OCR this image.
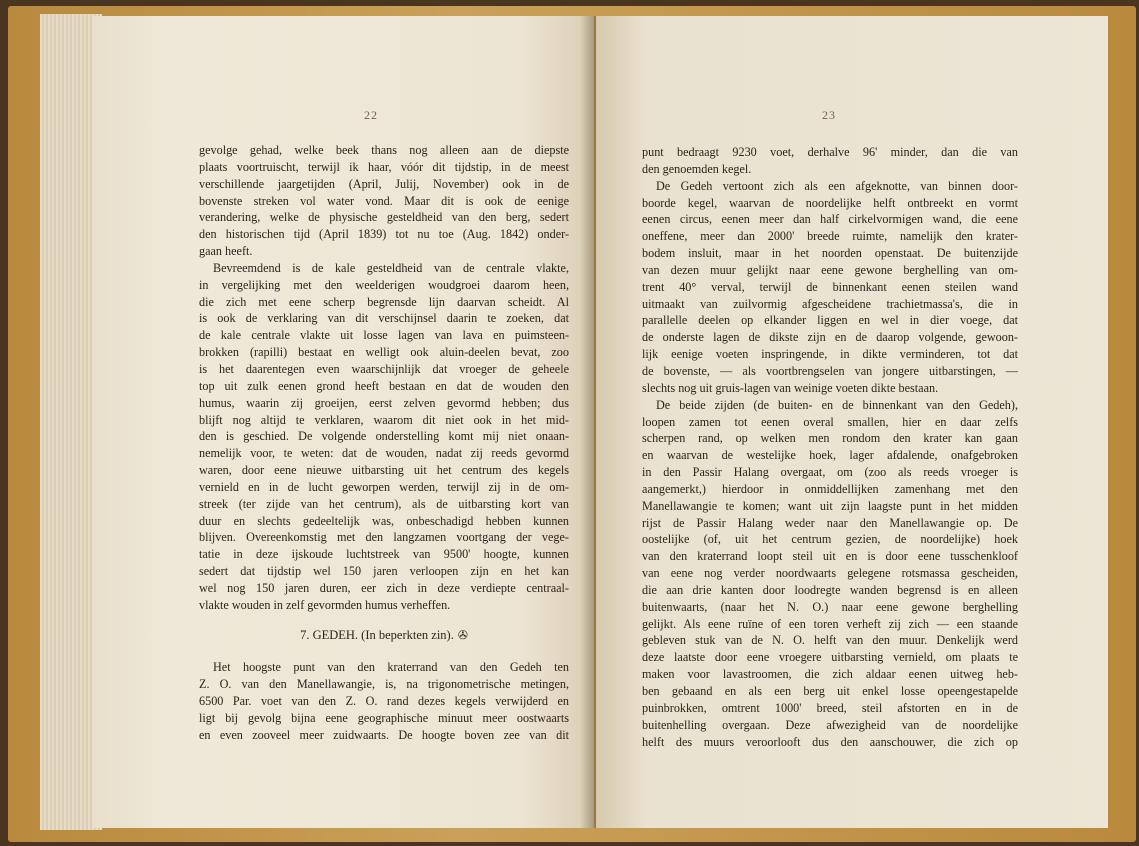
22
gevolge gehad, welke beek thans nog alleen aan de diepste
plaats voortruischt, terwijl ik haar, vóór dit tijdstip, in de meest
verschillende jaargetijden (April, Julij, November) ook in de
bovenste streken vol water vond. Maar dit is ook de eenige
verandering, welke de physische gesteldheid van den berg, sedert
den historischen tijd (April 1839) tot nu toe (Aug. 1842) onder-
gaan heeft.
Bevreemdend is de kale gesteldheid van de centrale vlakte,
in vergelijking met den weelderigen woudgroei daarom heen,
die zich met eene scherp begrensde lijn daarvan scheidt. Al
is ook de verklaring van dit verschijnsel daarin te zoeken, dat
de kale centrale vlakte uit losse lagen van lava en puimsteen-
brokken (rapilli) bestaat en welligt ook aluin-deelen bevat, zoo
is het daarentegen even waarschijnlijk dat vroeger de geheele
top uit zulk eenen grond heeft bestaan en dat de wouden den
humus, waarin zij groeijen, eerst zelven gevormd hebben; dus
blijft nog altijd te verklaren, waarom dit niet ook in het mid-
den is geschied. De volgende onderstelling komt mij niet onaan-
nemelijk voor, te weten: dat de wouden, nadat zij reeds gevormd
waren, door eene nieuwe uitbarsting uit het centrum des kegels
vernield en in de lucht geworpen werden, terwijl zij in de om-
streek (ter zijde van het centrum), als de uitbarsting kort van
duur en slechts gedeeltelijk was, onbeschadigd hebben kunnen
blijven. Overeenkomstig met den langzamen voortgang der vege-
tatie in deze ijskoude luchtstreek van 9500' hoogte, kunnen
sedert dat tijdstip wel 150 jaren verloopen zijn en het kan
wel nog 150 jaren duren, eer zich in deze verdiepte centraal-
vlakte wouden in zelf gevormden humus verheffen.
7. GEDEH. (In beperkten zin). ✇
Het hoogste punt van den kraterrand van den Gedeh ten
Z. O. van den Manellawangie, is, na trigonometrische metingen,
6500 Par. voet van den Z. O. rand dezes kegels verwijderd en
ligt bij gevolg bijna eene geographische minuut meer oostwaarts
en even zooveel meer zuidwaarts. De hoogte boven zee van dit
23
punt bedraagt 9230 voet, derhalve 96' minder, dan die van
den genoemden kegel.
De Gedeh vertoont zich als een afgeknotte, van binnen door-
boorde kegel, waarvan de noordelijke helft ontbreekt en vormt
eenen circus, eenen meer dan half cirkelvormigen wand, die eene
oneffene, meer dan 2000' breede ruimte, namelijk den krater-
bodem insluit, maar in het noorden openstaat. De buitenzijde
van dezen muur gelijkt naar eene gewone berghelling van om-
trent 40° verval, terwijl de binnenkant eenen steilen wand
uitmaakt van zuilvormig afgescheidene trachietmassa's, die in
parallelle deelen op elkander liggen en wel in dier voege, dat
de onderste lagen de dikste zijn en de daarop volgende, gewoon-
lijk eenige voeten inspringende, in dikte verminderen, tot dat
de bovenste, — als voortbrengselen van jongere uitbarstingen, —
slechts nog uit gruis-lagen van weinige voeten dikte bestaan.
De beide zijden (de buiten- en de binnenkant van den Gedeh),
loopen zamen tot eenen overal smallen, hier en daar zelfs
scherpen rand, op welken men rondom den krater kan gaan
en waarvan de westelijke hoek, lager afdalende, onafgebroken
in den Passir Halang overgaat, om (zoo als reeds vroeger is
aangemerkt,) hierdoor in onmiddellijken zamenhang met den
Manellawangie te komen; want uit zijn laagste punt in het midden
rijst de Passir Halang weder naar den Manellawangie op. De
oostelijke (of, uit het centrum gezien, de noordelijke) hoek
van den kraterrand loopt steil uit en is door eene tusschenkloof
van eene nog verder noordwaarts gelegene rotsmassa gescheiden,
die aan drie kanten door loodregte wanden begrensd is en alleen
buitenwaarts, (naar het N. O.) naar eene gewone berghelling
gelijkt. Als eene ruïne of een toren verheft zij zich — een staande
gebleven stuk van de N. O. helft van den muur. Denkelijk werd
deze laatste door eene vroegere uitbarsting vernield, om plaats te
maken voor lavastroomen, die zich aldaar eenen uitweg heb-
ben gebaand en als een berg uit enkel losse opeengestapelde
puinbrokken, omtrent 1000' breed, steil afstorten en in de
buitenhelling overgaan. Deze afwezigheid van de noordelijke
helft des muurs veroorlooft dus den aanschouwer, die zich op
